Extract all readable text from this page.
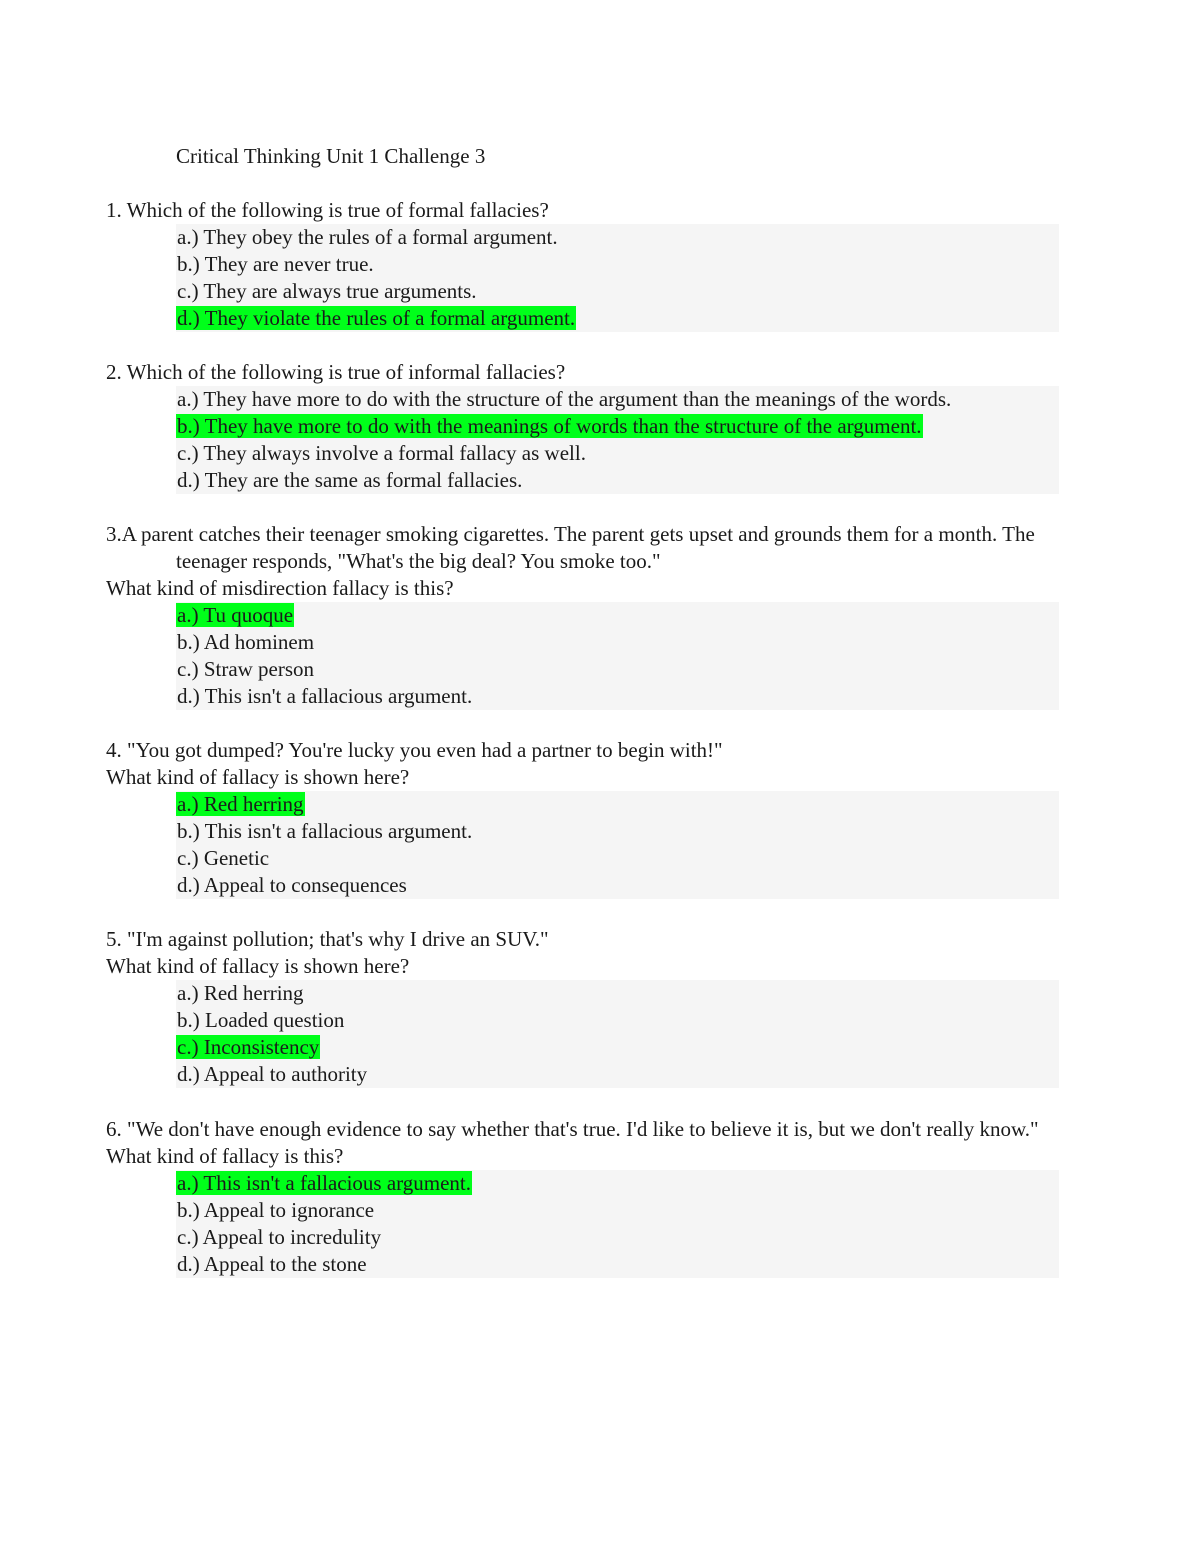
Critical Thinking Unit 1 Challenge 3
1. Which of the following is true of formal fallacies?
a.) They obey the rules of a formal argument.
b.) They are never true.
c.) They are always true arguments.
d.) They violate the rules of a formal argument.
2. Which of the following is true of informal fallacies?
a.) They have more to do with the structure of the argument than the meanings of the words.
b.) They have more to do with the meanings of words than the structure of the argument.
c.) They always involve a formal fallacy as well.
d.) They are the same as formal fallacies.
3.A parent catches their teenager smoking cigarettes. The parent gets upset and grounds them for a month. The teenager responds, "What's the big deal? You smoke too."
What kind of misdirection fallacy is this?
a.) Tu quoque
b.) Ad hominem
c.) Straw person
d.) This isn't a fallacious argument.
4. "You got dumped? You're lucky you even had a partner to begin with!"
What kind of fallacy is shown here?
a.) Red herring
b.) This isn't a fallacious argument.
c.) Genetic
d.) Appeal to consequences
5. "I'm against pollution; that's why I drive an SUV."
What kind of fallacy is shown here?
a.) Red herring
b.) Loaded question
c.) Inconsistency
d.) Appeal to authority
6. "We don't have enough evidence to say whether that's true. I'd like to believe it is, but we don't really know."
What kind of fallacy is this?
a.) This isn't a fallacious argument.
b.) Appeal to ignorance
c.) Appeal to incredulity
d.) Appeal to the stone
